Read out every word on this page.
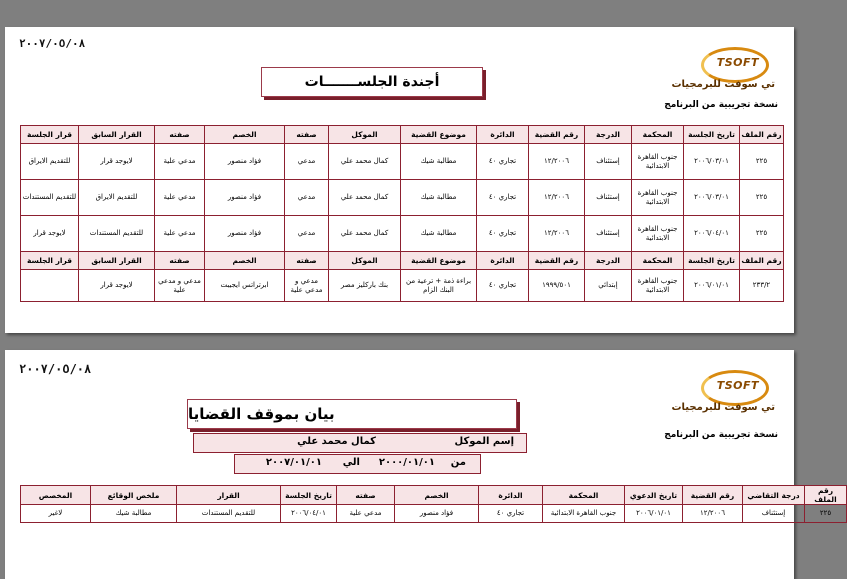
٢٠٠٧/٠٥/٠٨
TSOFT
تي سوفت للبرمجيات
نسخة تجريبية من البرنامج
أجندة الجلســـــــات
رقم الملف	تاريخ الجلسة	المحكمة	الدرجة	رقم القضية	الدائرة	موضوع القضية	الموكل	صفته	الخصم	صفته	القرار السابق	قرار الجلسة
٢٢٥	٢٠٠٦/٠٣/٠١	جنوب القاهرة الابتدائية	إستئناف	١٢/٢٠٠٦	تجاري ٤٠	مطالبة شيك	كمال محمد علي	مدعي	فؤاد منصور	مدعي علية	لايوجد قرار	للتقديم الايراق
٢٢٥	٢٠٠٦/٠٣/٠١	جنوب القاهرة الابتدائية	إستئناف	١٢/٢٠٠٦	تجاري ٤٠	مطالبة شيك	كمال محمد علي	مدعي	فؤاد منصور	مدعي علية	للتقديم الايراق	للتقديم المستندات
٢٢٥	٢٠٠٦/٠٤/٠١	جنوب القاهرة الابتدائية	إستئناف	١٢/٢٠٠٦	تجاري ٤٠	مطالبة شيك	كمال محمد علي	مدعي	فؤاد منصور	مدعي علية	للتقديم المستندات	لايوجد قرار
رقم الملف	تاريخ الجلسة	المحكمة	الدرجة	رقم القضية	الدائرة	موضوع القضية	الموكل	صفته	الخصم	صفته	القرار السابق	قرار الجلسة
٢٣٣/٢	٢٠٠٦/٠١/٠١	جنوب القاهرة الابتدائية	إبتدائي	١٩٩٩/٥٠١	تجاري ٤٠	براءة ذمة + ترعية من البنك الزام	بنك باركليز مصر	مدعي و مدعي علية	ابرتراتس ايجيبت	مدعي و مدعي علية	لايوجد قرار	
٢٠٠٧/٠٥/٠٨
TSOFT
تي سوفت للبرمجيات
نسخة تجريبية من البرنامج
بيان بموقف القضايا
إسم الموكل
كمال محمد علي
من
٢٠٠٠/٠١/٠١
الي
٢٠٠٧/٠١/٠١
رقم الملف	درجة التقاضي	رقم القضية	تاريخ الدعوي	المحكمة	الدائرة	الخصم	صفته	تاريخ الجلسة	القرار	ملخص الوقائع	المخصص
٢٢٥	إستئناف	١٢/٢٠٠٦	٢٠٠٦/٠١/٠١	جنوب القاهرة الابتدائية	تجاري ٤٠	فؤاد منصور	مدعي علية	٢٠٠٦/٠٤/٠١	للتقديم المستندات	مطالبة شيك	لاغير
